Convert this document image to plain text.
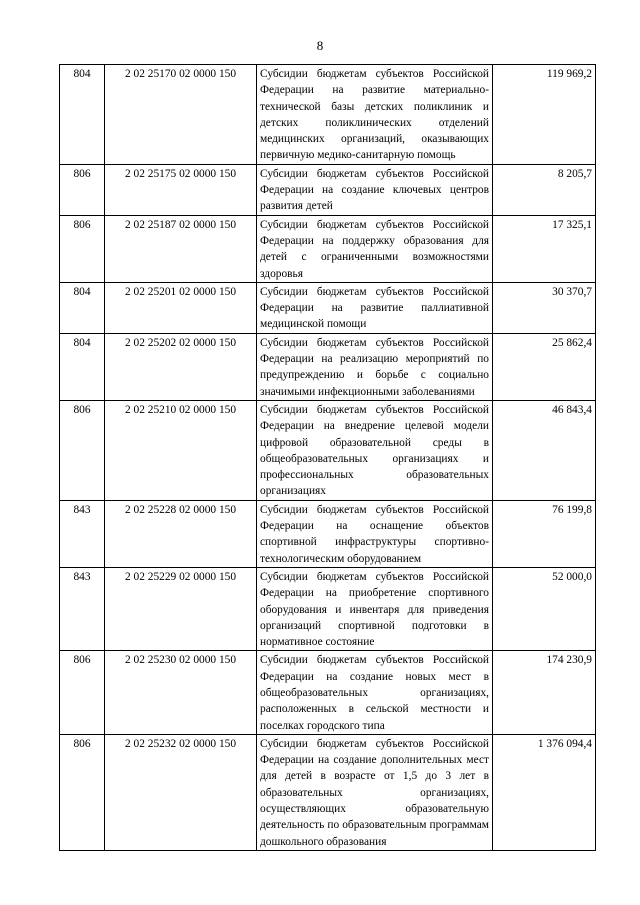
8
804	2 02 25170 02 0000 150	Субсидии бюджетам субъектов Российской Федерации на развитие материально-технической базы детских поликлиник и детских поликлинических отделений медицинских организаций, оказывающих первичную медико-санитарную помощь	119 969,2
806	2 02 25175 02 0000 150	Субсидии бюджетам субъектов Российской Федерации на создание ключевых центров развития детей	8 205,7
806	2 02 25187 02 0000 150	Субсидии бюджетам субъектов Российской Федерации на поддержку образования для детей с ограниченными возможностями здоровья	17 325,1
804	2 02 25201 02 0000 150	Субсидии бюджетам субъектов Российской Федерации на развитие паллиативной медицинской помощи	30 370,7
804	2 02 25202 02 0000 150	Субсидии бюджетам субъектов Российской Федерации на реализацию мероприятий по предупреждению и борьбе с социально значимыми инфекционными заболеваниями	25 862,4
806	2 02 25210 02 0000 150	Субсидии бюджетам субъектов Российской Федерации на внедрение целевой модели цифровой образовательной среды в общеобразовательных организациях и профессиональных образовательных организациях	46 843,4
843	2 02 25228 02 0000 150	Субсидии бюджетам субъектов Российской Федерации на оснащение объектов спортивной инфраструктуры спортивно-технологическим оборудованием	76 199,8
843	2 02 25229 02 0000 150	Субсидии бюджетам субъектов Российской Федерации на приобретение спортивного оборудования и инвентаря для приведения организаций спортивной подготовки в нормативное состояние	52 000,0
806	2 02 25230 02 0000 150	Субсидии бюджетам субъектов Российской Федерации на создание новых мест в общеобразовательных организациях, расположенных в сельской местности и поселках городского типа	174 230,9
806	2 02 25232 02 0000 150	Субсидии бюджетам субъектов Российской Федерации на создание дополнительных мест для детей в возрасте от 1,5 до 3 лет в образовательных организациях, осуществляющих образовательную деятельность по образовательным программам дошкольного образования	1 376 094,4
